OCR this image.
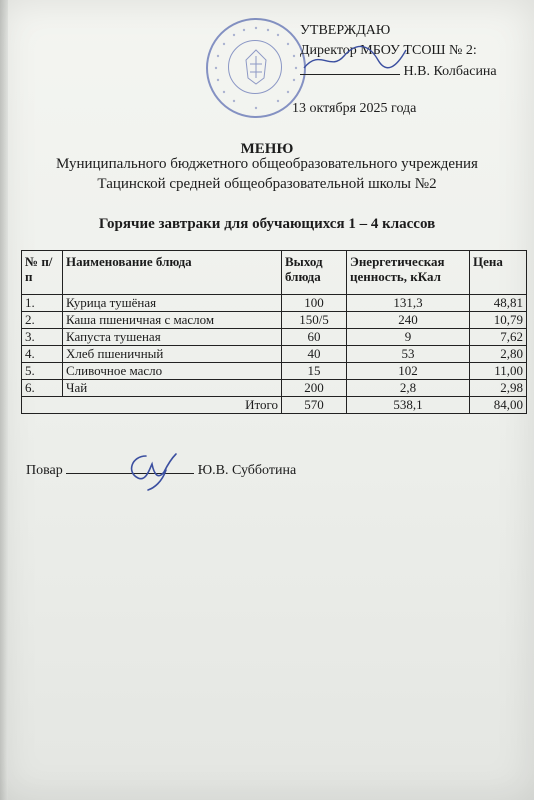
УТВЕРЖДАЮ
Директор МБОУ ТСОШ № 2:
Н.В. Колбасина
13 октября 2025 года
МЕНЮ
Муниципального бюджетного общеобразовательного учреждения
Тацинской средней общеобразовательной школы №2
Горячие завтраки для обучающихся 1 – 4 классов
№ п/п	Наименование блюда	Выход блюда	Энергетическая ценность, кКал	Цена
1.	Курица тушёная	100	131,3	48,81
2.	Каша пшеничная с маслом	150/5	240	10,79
3.	Капуста тушеная	60	9	7,62
4.	Хлеб пшеничный	40	53	2,80
5.	Сливочное масло	15	102	11,00
6.	Чай	200	2,8	2,98
Итого		570	538,1	84,00
Повар	Ю.В. Субботина
